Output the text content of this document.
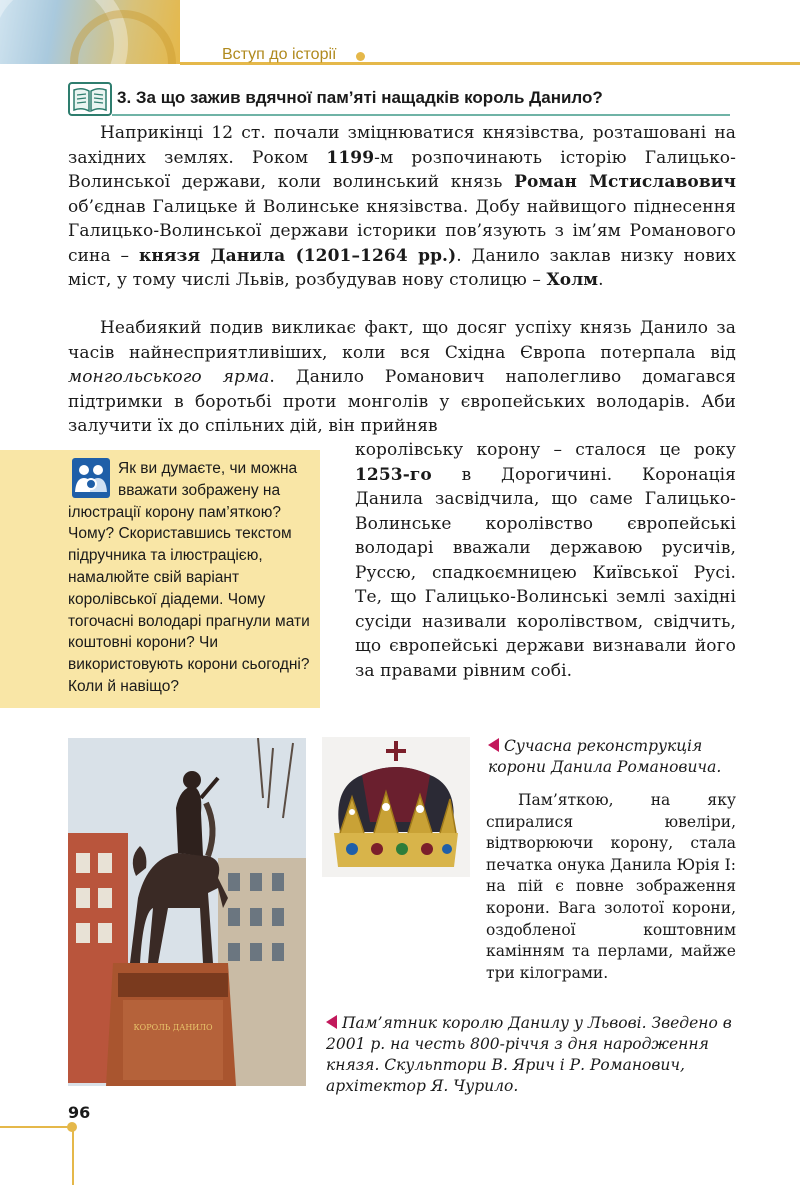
Вступ до історії
3. За що зажив вдячної пам’яті нащадків король Данило?

Наприкінці 12 ст. почали зміцнюватися князівства, розташовані на західних землях. Роком 1199-м розпочинають історію Галицько-Волинської держави, коли волинський князь Роман Мстиславович об’єднав Галицьке й Волинське князівства. Добу найвищого піднесення Галицько-Волинської держави історики пов’язують з ім’ям Романового сина – князя Данила (1201–1264 рр.). Данило заклав низку нових міст, у тому числі Львів, розбудував нову столицю – Холм.

Неабиякий подив викликає факт, що досяг успіху князь Данило за часів найнесприятливіших, коли вся Східна Європа потерпала від монгольського ярма. Данило Романович наполегливо домагався підтримки в боротьбі проти монголів у європейських володарів. Аби залучити їх до спільних дій, він прийняв

Як ви думаєте, чи можна вважати зображену на ілюстрації корону пам’яткою? Чому? Скориставшись текстом підручника та ілюстрацією, намалюйте свій варіант королівської діадеми. Чому тогочасні володарі прагнули мати коштовні корони? Чи використовують корони сьогодні? Коли й навіщо?

королівську корону – сталося це року 1253-го в Дорогичині. Коронація Данила засвідчила, що саме Галицько-Волинське королівство європейські володарі вважали державою русичів, Руссю, спадкоємницею Київської Русі. Те, що Галицько-Волинські землі західні сусіди називали королівством, свідчить, що європейські держави визнавали його за правами рівним собі.

КОРОЛЬ ДАНИЛО

Сучасна реконструкція корони Данила Романовича.

Пам’яткою, на яку спиралися ювеліри, відтворюючи корону, стала печатка онука Данила Юрія I: на пій є повне зображення корони. Вага золотої корони, оздобленої коштовним камінням та перлами, майже три кілограми.

Пам’ятник королю Данилу у Львові. Зведено в 2001 р. на честь 800-річчя з дня народження князя. Скульптори В. Ярич і Р. Романович, архітектор Я. Чурило.

96
